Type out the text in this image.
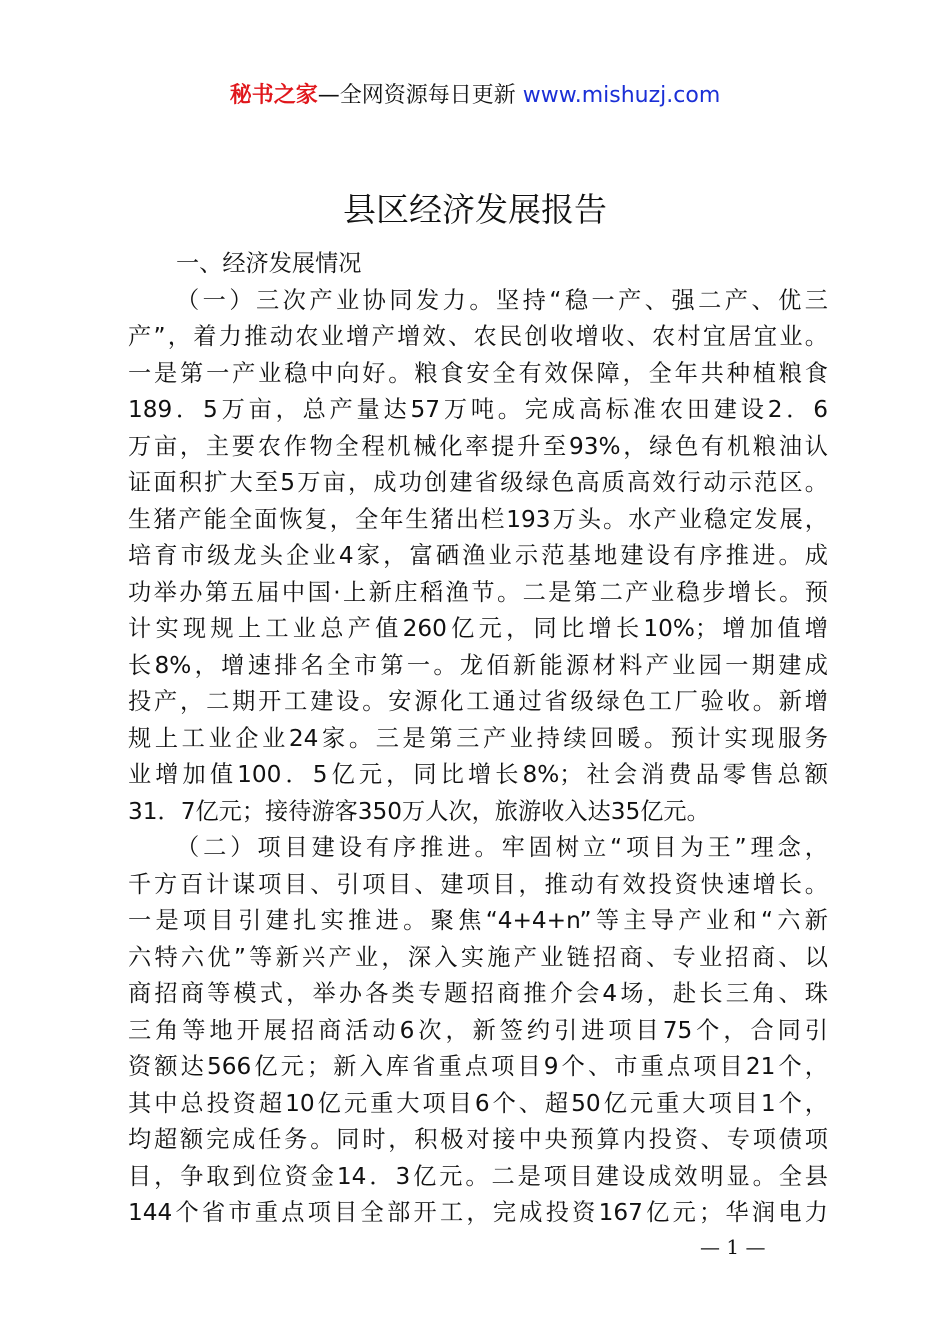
秘书之家—全网资源每日更新 www.mishuzj.com
县区经济发展报告
一、经济发展情况
（一）三次产业协同发力。坚持“稳一产、强二产、优三
产”，着力推动农业增产增效、农民创收增收、农村宜居宜业。
一是第一产业稳中向好。粮食安全有效保障，全年共种植粮食
189．5万亩，总产量达57万吨。完成高标准农田建设2．6
万亩，主要农作物全程机械化率提升至93%，绿色有机粮油认
证面积扩大至5万亩，成功创建省级绿色高质高效行动示范区。
生猪产能全面恢复，全年生猪出栏193万头。水产业稳定发展，
培育市级龙头企业4家，富硒渔业示范基地建设有序推进。成
功举办第五届中国·上新庄稻渔节。二是第二产业稳步增长。预
计实现规上工业总产值260亿元，同比增长10%；增加值增
长8%，增速排名全市第一。龙佰新能源材料产业园一期建成
投产，二期开工建设。安源化工通过省级绿色工厂验收。新增
规上工业企业24家。三是第三产业持续回暖。预计实现服务
业增加值100．5亿元，同比增长8%；社会消费品零售总额
31．7亿元；接待游客350万人次，旅游收入达35亿元。
（二）项目建设有序推进。牢固树立“项目为王”理念，
千方百计谋项目、引项目、建项目，推动有效投资快速增长。
一是项目引建扎实推进。聚焦“4+4+n”等主导产业和“六新
六特六优”等新兴产业，深入实施产业链招商、专业招商、以
商招商等模式，举办各类专题招商推介会4场，赴长三角、珠
三角等地开展招商活动6次，新签约引进项目75个，合同引
资额达566亿元；新入库省重点项目9个、市重点项目21个，
其中总投资超10亿元重大项目6个、超50亿元重大项目1个，
均超额完成任务。同时，积极对接中央预算内投资、专项债项
目，争取到位资金14．3亿元。二是项目建设成效明显。全县
144个省市重点项目全部开工，完成投资167亿元；华润电力
— 1 —
